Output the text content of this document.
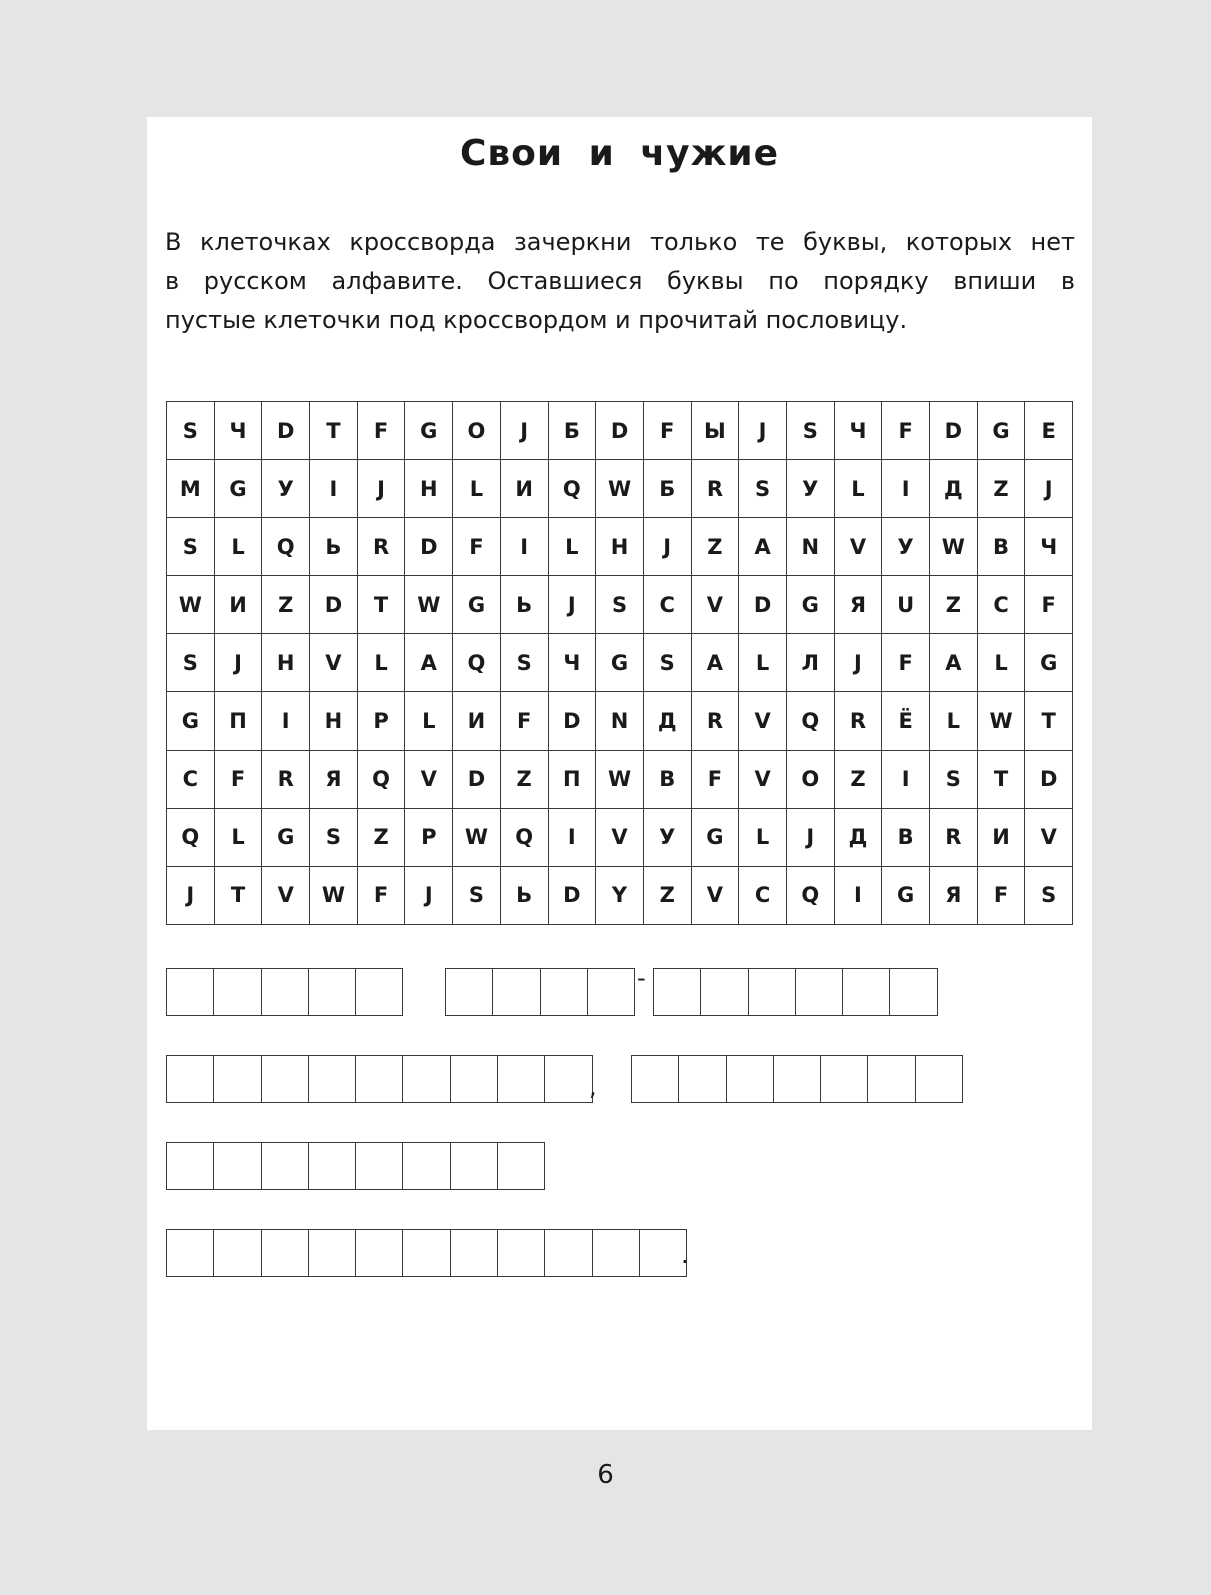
Свои и чужие

В клеточках кроссворда зачеркни только те буквы, которых нет
в русском алфавите. Оставшиеся буквы по порядку впиши в
пустые клеточки под кроссвордом и прочитай пословицу.

S	Ч	D	T	F	G	O	J	Б	D	F	Ы	J	S	Ч	F	D	G	E
M	G	У	I	J	H	L	И	Q	W	Б	R	S	У	L	I	Д	Z	J
S	L	Q	Ь	R	D	F	I	L	H	J	Z	A	N	V	У	W	B	Ч
W	И	Z	D	T	W	G	Ь	J	S	C	V	D	G	Я	U	Z	C	F
S	J	H	V	L	A	Q	S	Ч	G	S	A	L	Л	J	F	A	L	G
G	П	I	H	P	L	И	F	D	N	Д	R	V	Q	R	Ё	L	W	T
C	F	R	Я	Q	V	D	Z	П	W	B	F	V	O	Z	I	S	T	D
Q	L	G	S	Z	P	W	Q	I	V	У	G	L	J	Д	B	R	И	V
J	T	V	W	F	J	S	Ь	D	Y	Z	V	C	Q	I	G	Я	F	S
-
,
.
6
